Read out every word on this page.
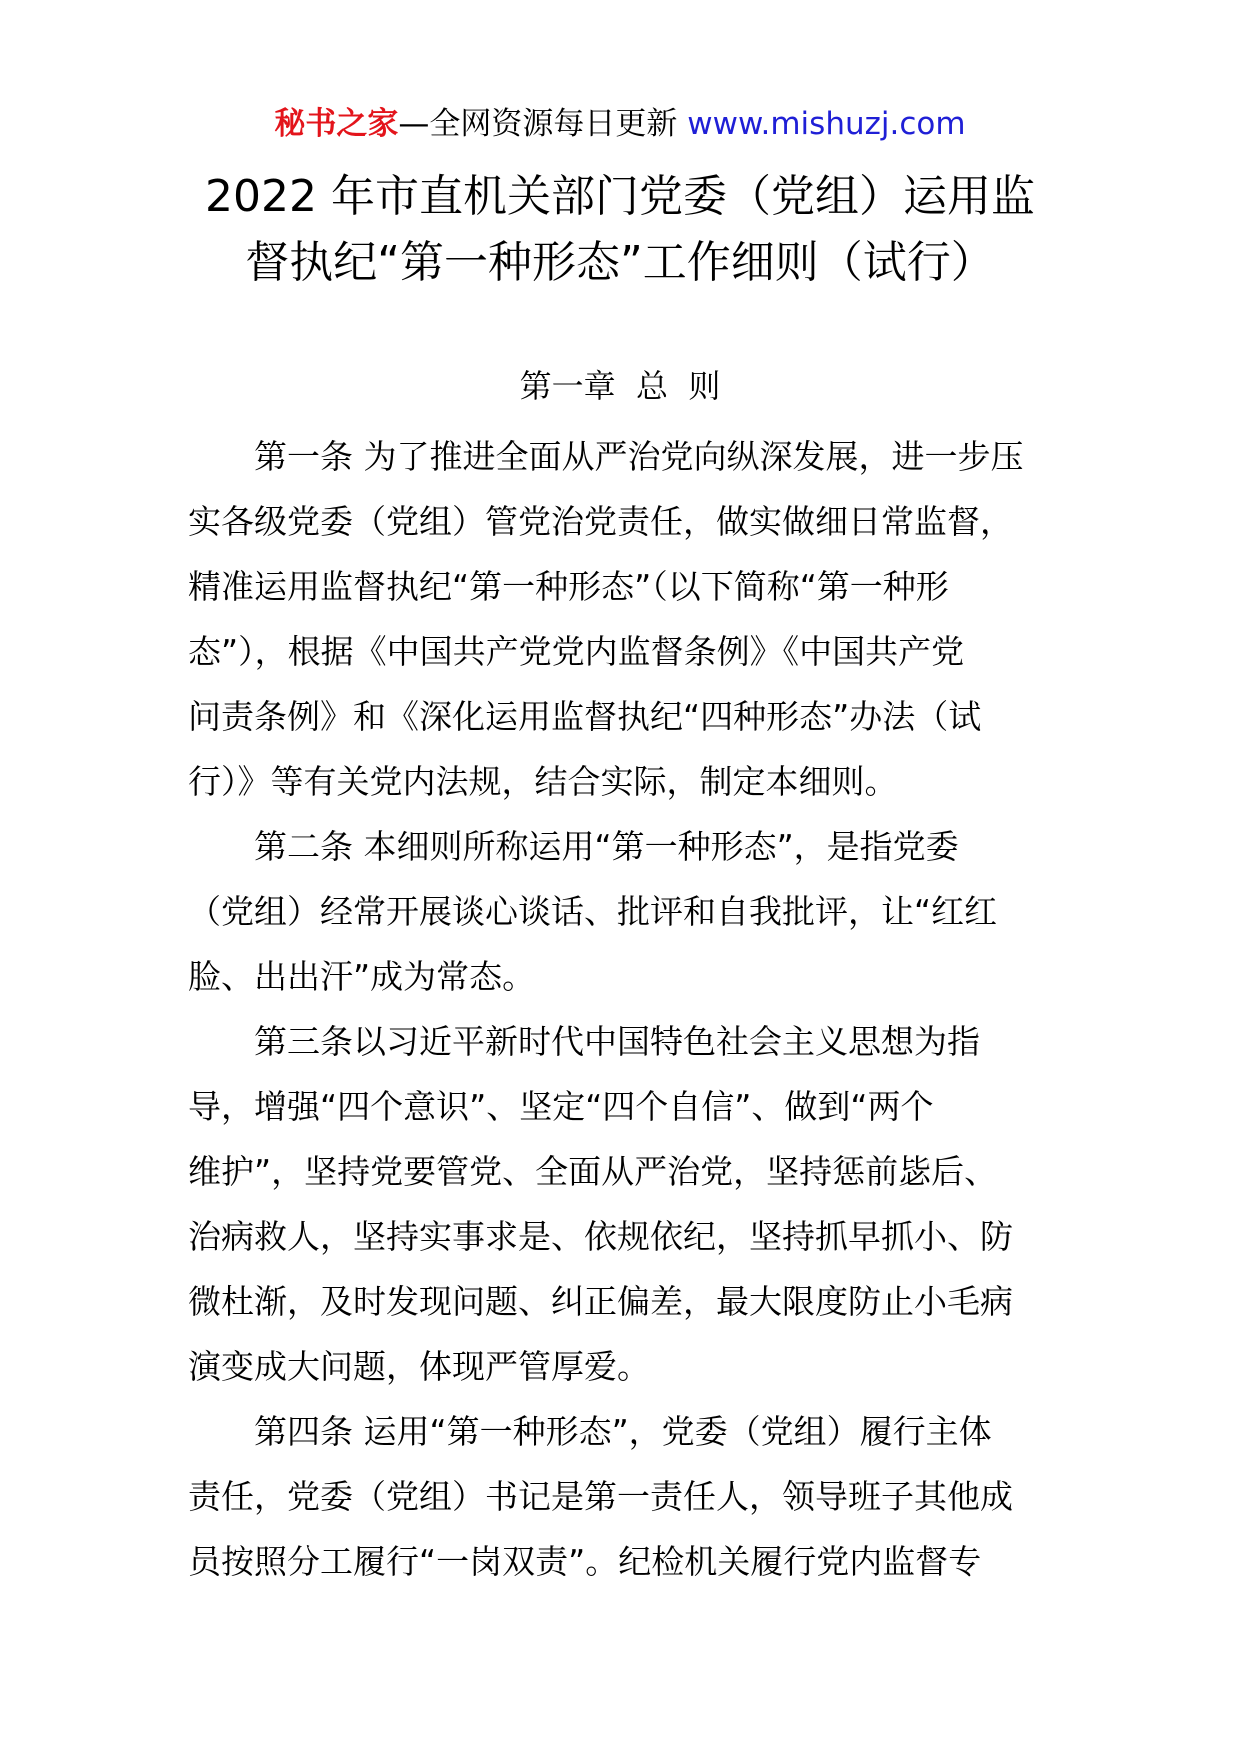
秘书之家—全网资源每日更新 www.mishuzj.com
2022 年市直机关部门党委（党组）运用监
督执纪“第一种形态”工作细则（试行）
第一章  总  则

第一条 为了推进全面从严治党向纵深发展，进一步压
实各级党委（党组）管党治党责任，做实做细日常监督，
精准运用监督执纪“第一种形态”（以下简称“第一种形
态”），根据《中国共产党党内监督条例》《中国共产党
问责条例》和《深化运用监督执纪“四种形态”办法（试
行）》等有关党内法规，结合实际，制定本细则。

第二条 本细则所称运用“第一种形态”，是指党委
（党组）经常开展谈心谈话、批评和自我批评，让“红红
脸、出出汗”成为常态。

第三条以习近平新时代中国特色社会主义思想为指
导，增强“四个意识”、坚定“四个自信”、做到“两个
维护”，坚持党要管党、全面从严治党，坚持惩前毖后、
治病救人，坚持实事求是、依规依纪，坚持抓早抓小、防
微杜渐，及时发现问题、纠正偏差，最大限度防止小毛病
演变成大问题，体现严管厚爱。

第四条 运用“第一种形态”，党委（党组）履行主体
责任，党委（党组）书记是第一责任人，领导班子其他成
员按照分工履行“一岗双责”。纪检机关履行党内监督专
